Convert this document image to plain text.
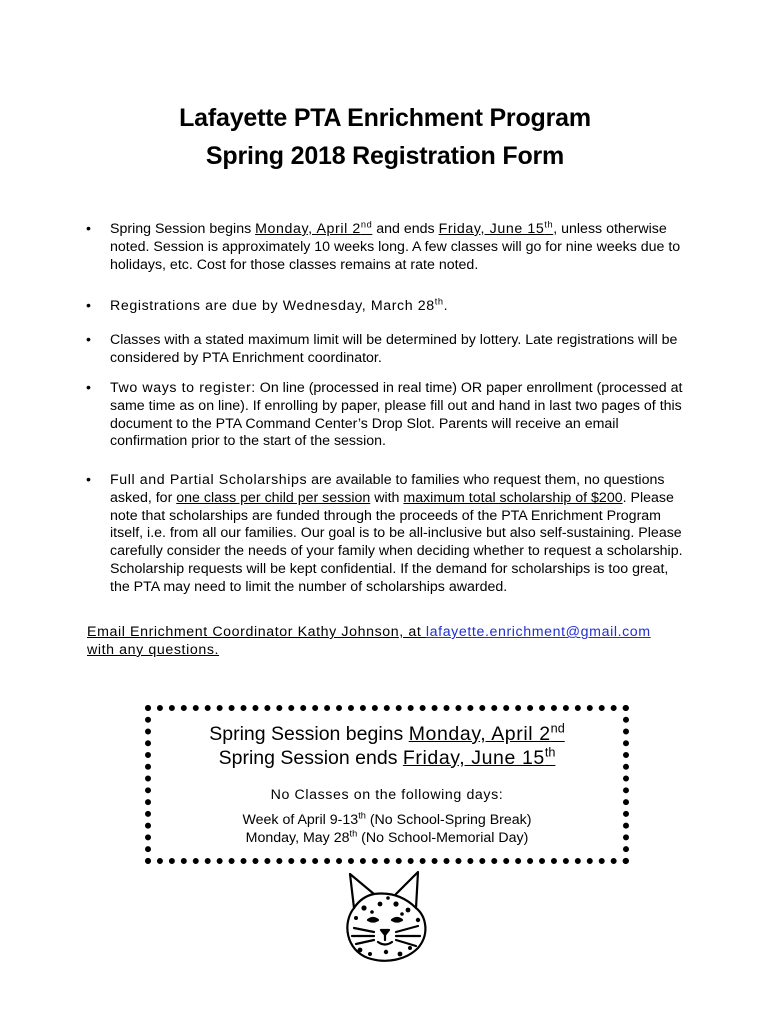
Lafayette PTA Enrichment Program
Spring 2018 Registration Form
• Spring Session begins Monday, April 2nd and ends Friday, June 15th, unless otherwise noted. Session is approximately 10 weeks long. A few classes will go for nine weeks due to holidays, etc. Cost for those classes remains at rate noted.
• Registrations are due by Wednesday, March 28th.
• Classes with a stated maximum limit will be determined by lottery. Late registrations will be considered by PTA Enrichment coordinator.
• Two ways to register: On line (processed in real time) OR paper enrollment (processed at same time as on line). If enrolling by paper, please fill out and hand in last two pages of this document to the PTA Command Center’s Drop Slot. Parents will receive an email confirmation prior to the start of the session.
• Full and Partial Scholarships are available to families who request them, no questions asked, for one class per child per session with maximum total scholarship of $200. Please note that scholarships are funded through the proceeds of the PTA Enrichment Program itself, i.e. from all our families. Our goal is to be all-inclusive but also self-sustaining. Please carefully consider the needs of your family when deciding whether to request a scholarship. Scholarship requests will be kept confidential. If the demand for scholarships is too great, the PTA may need to limit the number of scholarships awarded.
Email Enrichment Coordinator Kathy Johnson, at lafayette.enrichment@gmail.com
with any questions.
Spring Session begins Monday, April 2nd
Spring Session ends Friday, June 15th
No Classes on the following days:
Week of April 9-13th (No School-Spring Break)
Monday, May 28th (No School-Memorial Day)
